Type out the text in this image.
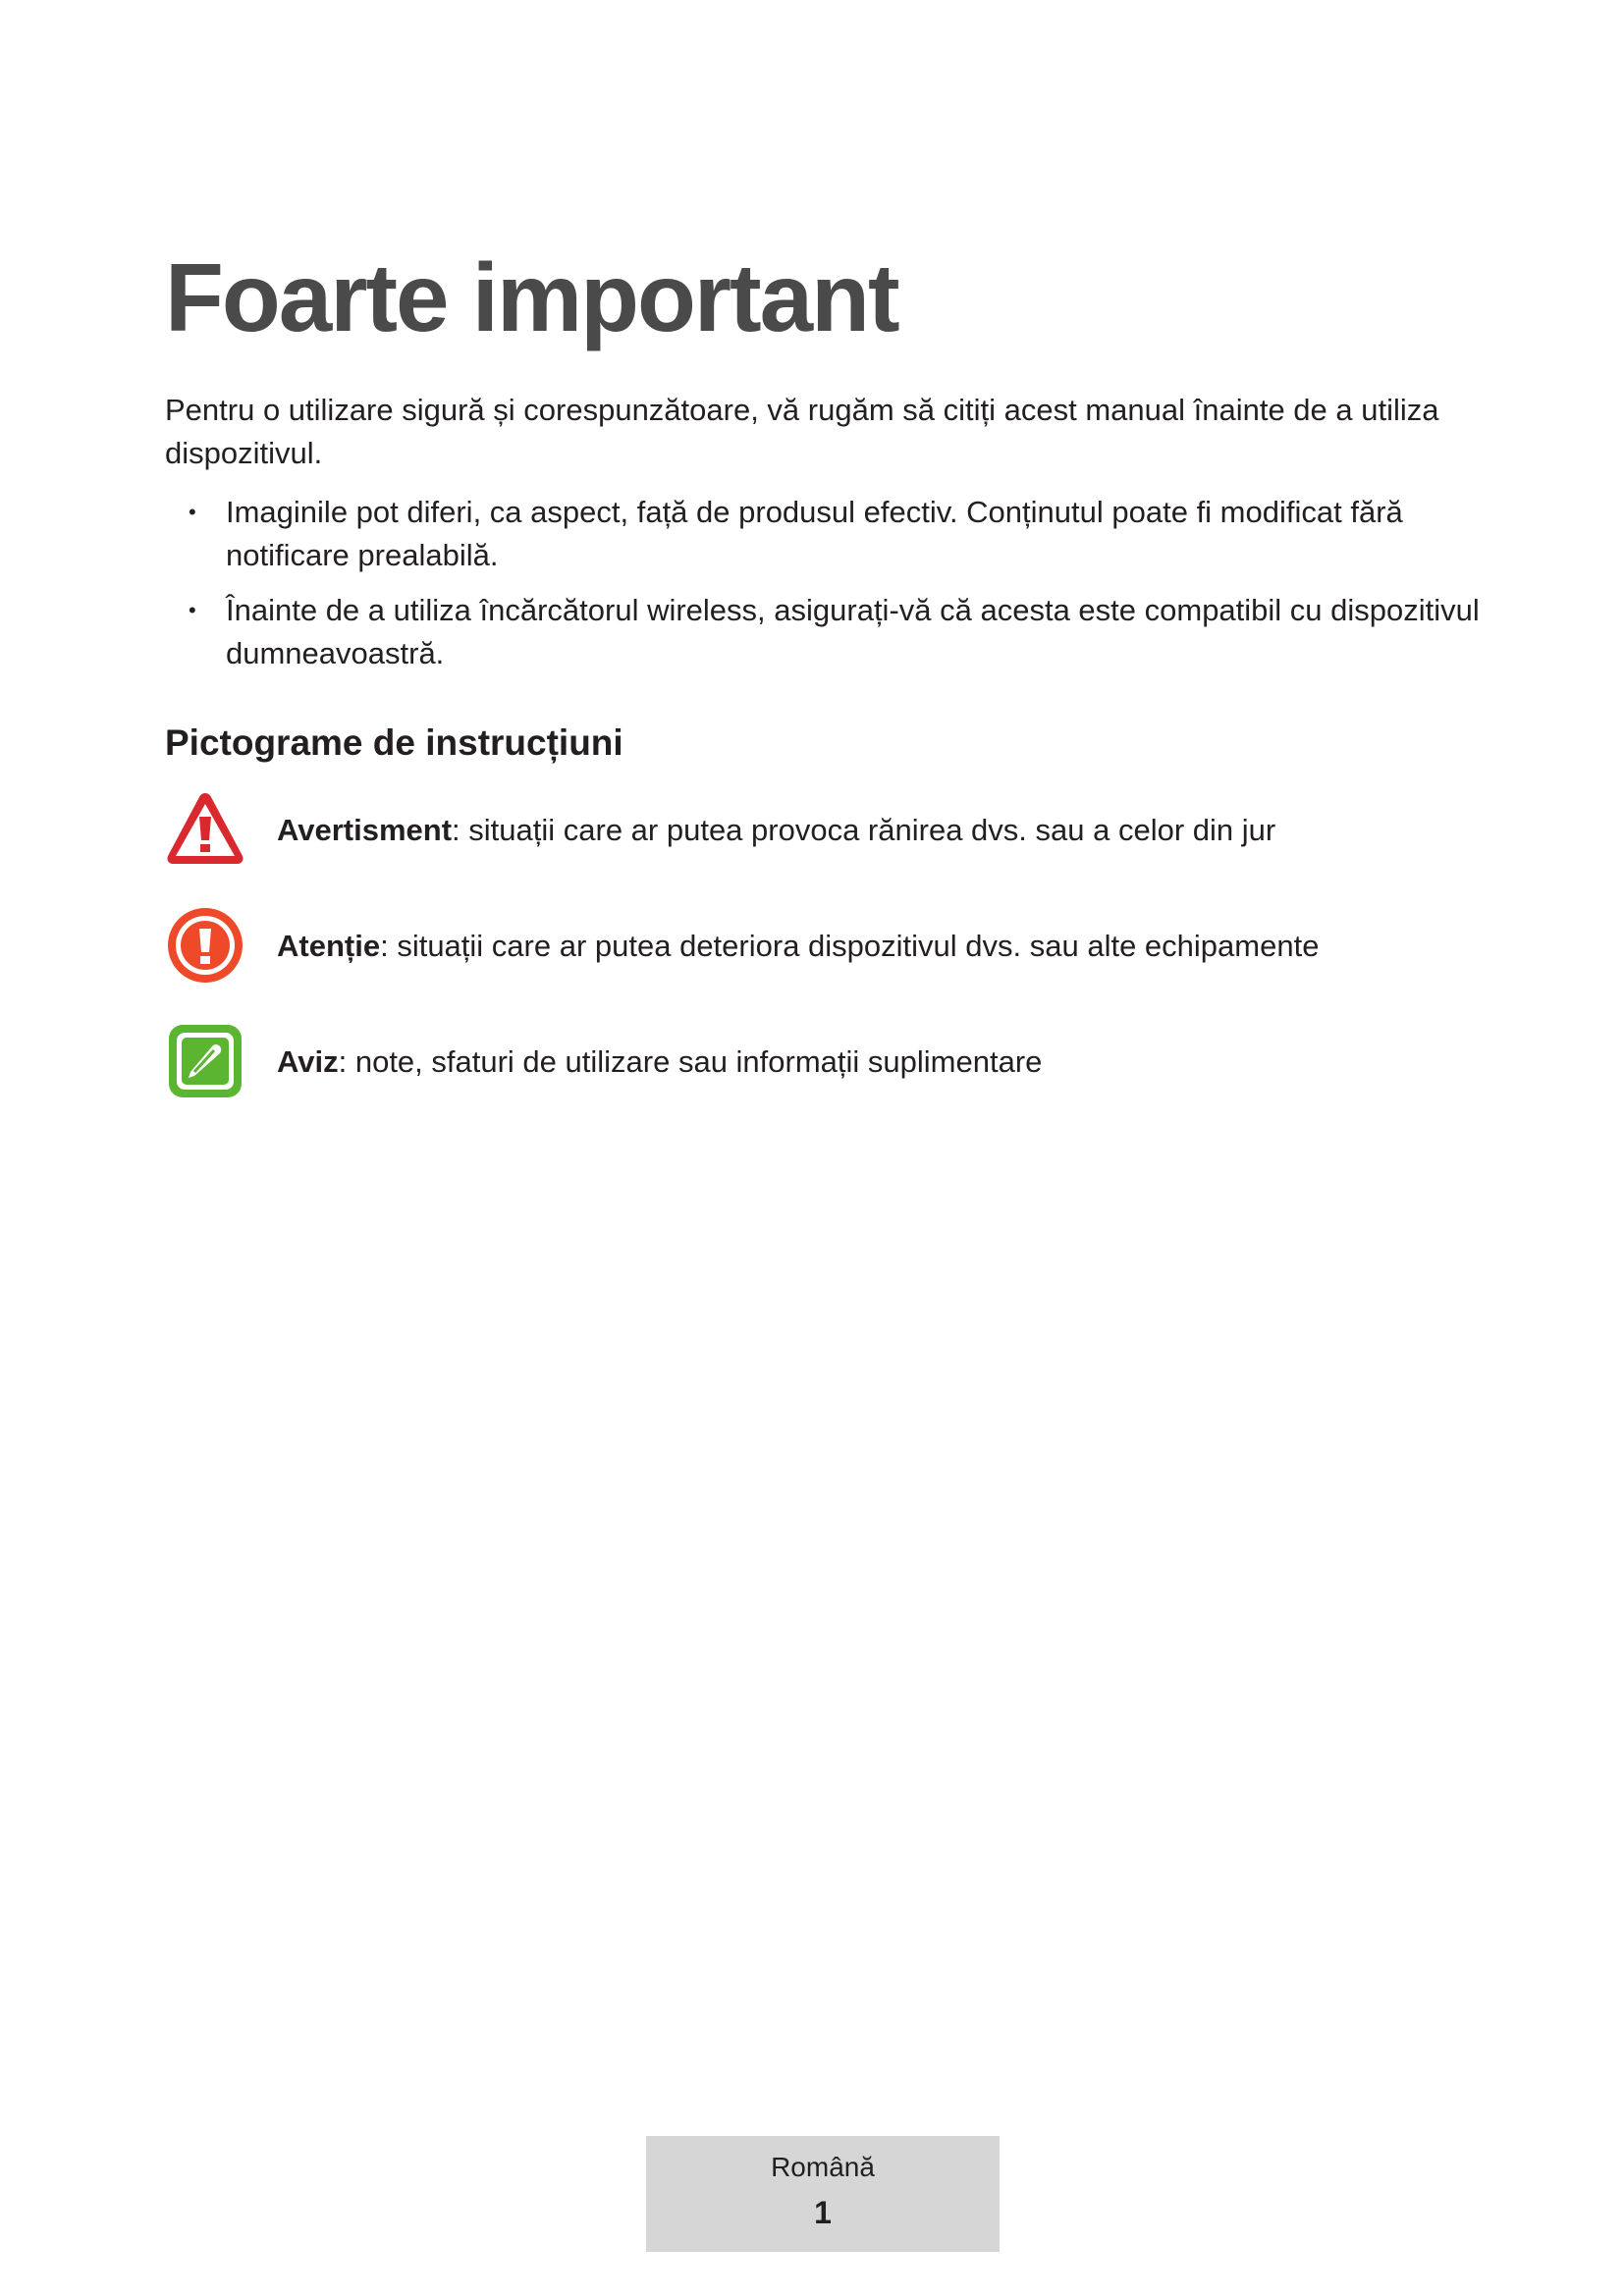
Foarte important

Pentru o utilizare sigură și corespunzătoare, vă rugăm să citiți acest manual înainte de a utiliza dispozitivul.

• Imaginile pot diferi, ca aspect, față de produsul efectiv. Conținutul poate fi modificat fără notificare prealabilă.
• Înainte de a utiliza încărcătorul wireless, asigurați-vă că acesta este compatibil cu dispozitivul dumneavoastră.
Pictograme de instrucțiuni
Avertisment: situații care ar putea provoca rănirea dvs. sau a celor din jur
Atenție: situații care ar putea deteriora dispozitivul dvs. sau alte echipamente
Aviz: note, sfaturi de utilizare sau informații suplimentare
Română
1
